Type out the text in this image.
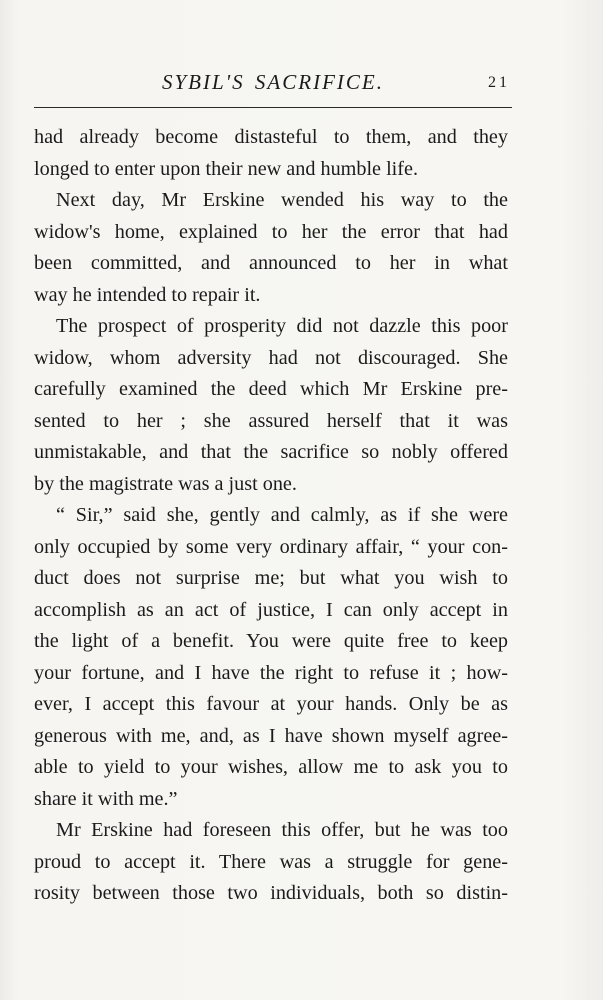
SYBIL'S SACRIFICE.	21
had already become distasteful to them, and they
longed to enter upon their new and humble life.
Next day, Mr Erskine wended his way to the
widow's home, explained to her the error that had
been committed, and announced to her in what
way he intended to repair it.
The prospect of prosperity did not dazzle this poor
widow, whom adversity had not discouraged. She
carefully examined the deed which Mr Erskine pre-
sented to her ; she assured herself that it was
unmistakable, and that the sacrifice so nobly offered
by the magistrate was a just one.
“ Sir,” said she, gently and calmly, as if she were
only occupied by some very ordinary affair, “ your con-
duct does not surprise me; but what you wish to
accomplish as an act of justice, I can only accept in
the light of a benefit. You were quite free to keep
your fortune, and I have the right to refuse it ; how-
ever, I accept this favour at your hands. Only be as
generous with me, and, as I have shown myself agree-
able to yield to your wishes, allow me to ask you to
share it with me.”
Mr Erskine had foreseen this offer, but he was too
proud to accept it. There was a struggle for gene-
rosity between those two individuals, both so distin-
